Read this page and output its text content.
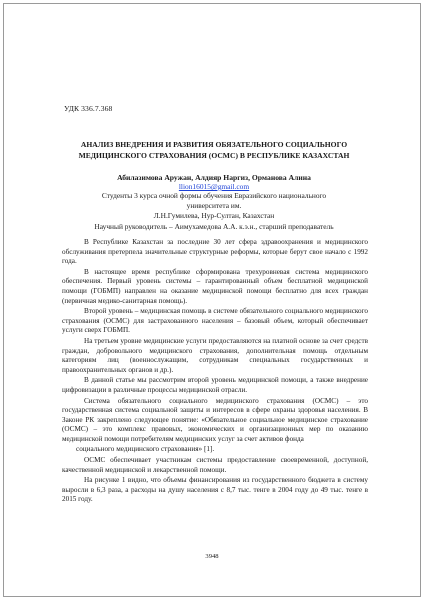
УДК 336.7.368
АНАЛИЗ ВНЕДРЕНИЯ И РАЗВИТИЯ ОБЯЗАТЕЛЬНОГО СОЦИАЛЬНОГО МЕДИЦИНСКОГО СТРАХОВАНИЯ (ОСМС) В РЕСПУБЛИКЕ КАЗАХСТАН
Абилазимова Аружан, Алдияр Наргиз, Орманова Алина
llion16015@gmail.com
Студенты 3 курса очной формы обучения Евразийского национального
университета им.
Л.Н.Гумилева, Нур-Султан, Казахстан
Научный руководитель – Аимухамедова А.А. к.э.н., старший преподаватель

В Республике Казахстан за последние 30 лет сфера здравоохранения и медицинского обслуживания претерпела значительные структурные реформы, которые берут свое начало с 1992 года.

В настоящее время республике сформирована трехуровневая система медицинского обеспечения. Первый уровень системы – гарантированный объем бесплатной медицинской помощи (ГОБМП) направлен на оказание медицинской помощи бесплатно для всех граждан (первичная медико-санитарная помощь).

Второй уровень – медицинская помощь в системе обязательного социального медицинского страхования (ОСМС) для застрахованного населения – базовый объем, который обеспечивает услуги сверх ГОБМП.

На третьем уровне медицинские услуги предоставляются на платной основе за счет средств граждан, добровольного медицинского страхования, дополнительная помощь отдельным категориям лиц (военнослужащим, сотрудникам специальных государственных и правоохранительных органов и др.).

В данной статье мы рассмотрим второй уровень медицинской помощи, а также внедрение цифровизации в различные процессы медицинской отрасли.

Система обязательного социального медицинского страхования (ОСМС) – это государственная система социальной защиты и интересов в сфере охраны здоровья населения. В Законе РК закреплено следующее понятие: «Обязательное социальное медицинское страхование (ОСМС) – это комплекс правовых, экономических и организационных мер по оказанию медицинской помощи потребителям медицинских услуг за счет активов фонда

социального медицинского страхования» [1].

ОСМС обеспечивает участникам системы предоставление своевременной, доступной, качественной медицинской и лекарственной помощи.

На рисунке 1 видно, что объемы финансирования из государственного бюджета в систему выросли в 6,3 раза, а расходы на душу населения с 8,7 тыс. тенге в 2004 году до 49 тыс. тенге в 2015 году.

3948
